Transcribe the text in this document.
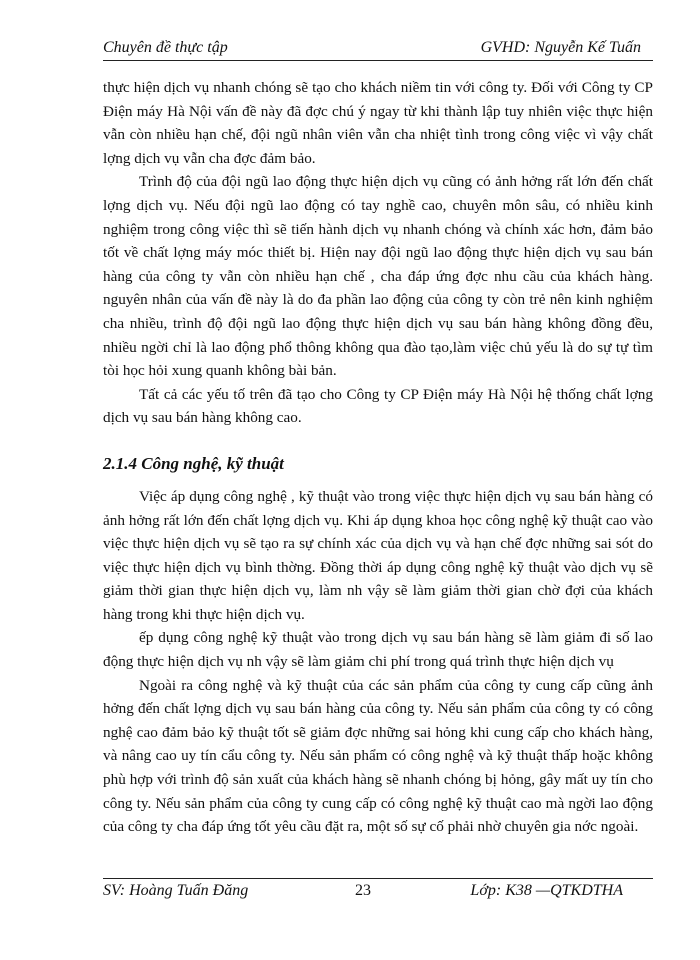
Chuyên đề thực tập	GVHD: Nguyễn Kế Tuấn

thực hiện dịch vụ nhanh chóng sẽ tạo cho khách niềm tin với công ty. Đối với Công ty CP Điện máy Hà Nội vấn đề này đã đợc chú ý ngay từ khi thành lập tuy nhiên việc thực hiện vẫn còn nhiều hạn chế, đội ngũ nhân viên vẫn cha nhiệt tình trong công việc vì vậy chất lợng dịch vụ vẫn cha đợc đảm bảo.

Trình độ của đội ngũ lao động thực hiện dịch vụ cũng có ảnh hởng rất lớn đến chất lợng dịch vụ. Nếu đội ngũ lao động có tay nghề cao, chuyên môn sâu, có nhiều kinh nghiệm trong công việc thì sẽ tiến hành dịch vụ nhanh chóng và chính xác hơn, đảm bảo tốt về chất lợng máy móc thiết bị. Hiện nay đội ngũ lao động thực hiện dịch vụ sau bán hàng của công ty vẫn còn nhiều hạn chế , cha đáp ứng đợc nhu cầu của khách hàng. nguyên nhân của vấn đề này là do đa phần lao động của công ty còn trẻ nên kinh nghiệm cha nhiều, trình độ đội ngũ lao động thực hiện dịch vụ sau bán hàng không đồng đều, nhiều ngời chỉ là lao động phổ thông không qua đào tạo,làm việc chủ yếu là do sự tự tìm tòi học hỏi xung quanh không bài bản.

Tất cả các yếu tố trên đã tạo cho Công ty CP Điện máy Hà Nội hệ thống chất lợng dịch vụ sau bán hàng không cao.

2.1.4 Công nghệ, kỹ thuật

Việc áp dụng công nghệ , kỹ thuật vào trong việc thực hiện dịch vụ sau bán hàng có ảnh hởng rất lớn đến chất lợng dịch vụ. Khi áp dụng khoa học công nghệ kỹ thuật cao vào việc thực hiện dịch vụ sẽ tạo ra sự chính xác của dịch vụ và hạn chế đợc những sai sót do việc thực hiện dịch vụ bình thờng. Đồng thời áp dụng công nghệ kỹ thuật vào dịch vụ sẽ giảm thời gian thực hiện dịch vụ, làm nh vậy sẽ làm giảm thời gian chờ đợi của khách hàng trong khi thực hiện dịch vụ.

ếp dụng công nghệ kỹ thuật vào trong dịch vụ sau bán hàng sẽ làm giảm đi số lao động thực hiện dịch vụ nh vậy sẽ làm giảm chi phí trong quá trình thực hiện dịch vụ

Ngoài ra công nghệ và kỹ thuật của các sản phẩm của công ty cung cấp cũng ảnh hởng đến chất lợng dịch vụ sau bán hàng của công ty. Nếu sản phẩm của công ty có công nghệ cao đảm bảo kỹ thuật tốt sẽ giảm đợc những sai hỏng khi cung cấp cho khách hàng, và nâng cao uy tín cẩu công ty. Nếu sản phẩm có công nghệ và kỹ thuật thấp hoặc không phù hợp với trình độ sản xuất của khách hàng sẽ nhanh chóng bị hỏng, gây mất uy tín cho công ty. Nếu sản phẩm của công ty cung cấp có công nghệ kỹ thuật cao mà ngời lao động của công ty cha đáp ứng tốt yêu cầu đặt ra, một số sự cố phải nhờ chuyên gia nớc ngoài.

SV: Hoàng Tuấn Đăng	23	Lớp: K38 —QTKDTHA
